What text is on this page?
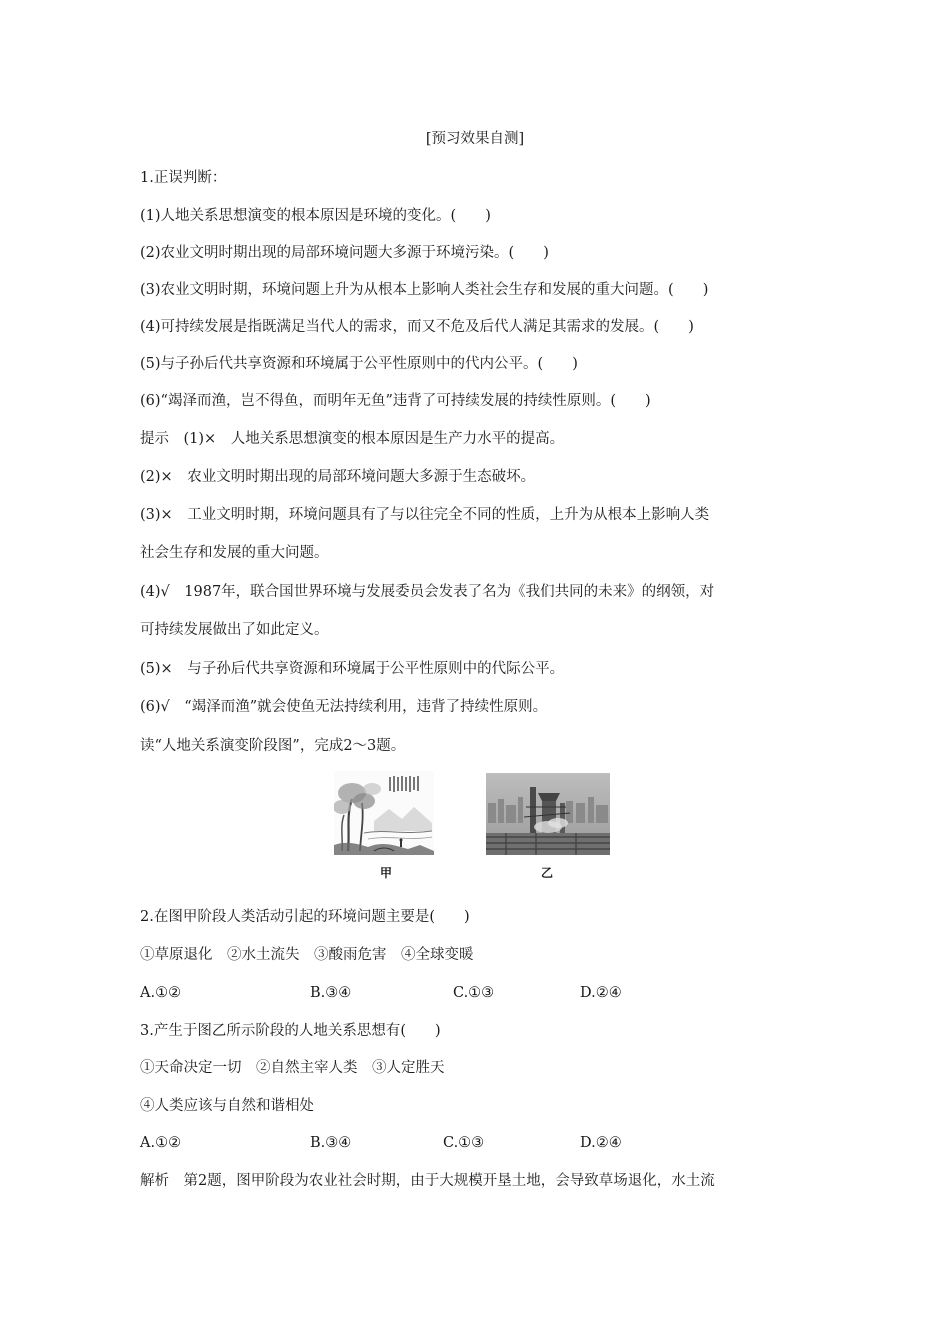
[预习效果自测]
1.正误判断：
(1)人地关系思想演变的根本原因是环境的变化。(　　)
(2)农业文明时期出现的局部环境问题大多源于环境污染。(　　)
(3)农业文明时期，环境问题上升为从根本上影响人类社会生存和发展的重大问题。(　　)
(4)可持续发展是指既满足当代人的需求，而又不危及后代人满足其需求的发展。(　　)
(5)与子孙后代共享资源和环境属于公平性原则中的代内公平。(　　)
(6)“竭泽而渔，岂不得鱼，而明年无鱼”违背了可持续发展的持续性原则。(　　)
提示　(1)×　人地关系思想演变的根本原因是生产力水平的提高。
(2)×　农业文明时期出现的局部环境问题大多源于生态破坏。
(3)×　工业文明时期，环境问题具有了与以往完全不同的性质，上升为从根本上影响人类
社会生存和发展的重大问题。
(4)√　1987年，联合国世界环境与发展委员会发表了名为《我们共同的未来》的纲领，对
可持续发展做出了如此定义。
(5)×　与子孙后代共享资源和环境属于公平性原则中的代际公平。
(6)√　“竭泽而渔”就会使鱼无法持续利用，违背了持续性原则。
读“人地关系演变阶段图”，完成2～3题。
甲	乙
2.在图甲阶段人类活动引起的环境问题主要是(　　)
①草原退化　②水土流失　③酸雨危害　④全球变暖
A.①②	B.③④	C.①③	D.②④
3.产生于图乙所示阶段的人地关系思想有(　　)
①天命决定一切　②自然主宰人类　③人定胜天
④人类应该与自然和谐相处
A.①②	B.③④	C.①③	D.②④
解析　第2题，图甲阶段为农业社会时期，由于大规模开垦土地，会导致草场退化，水土流
